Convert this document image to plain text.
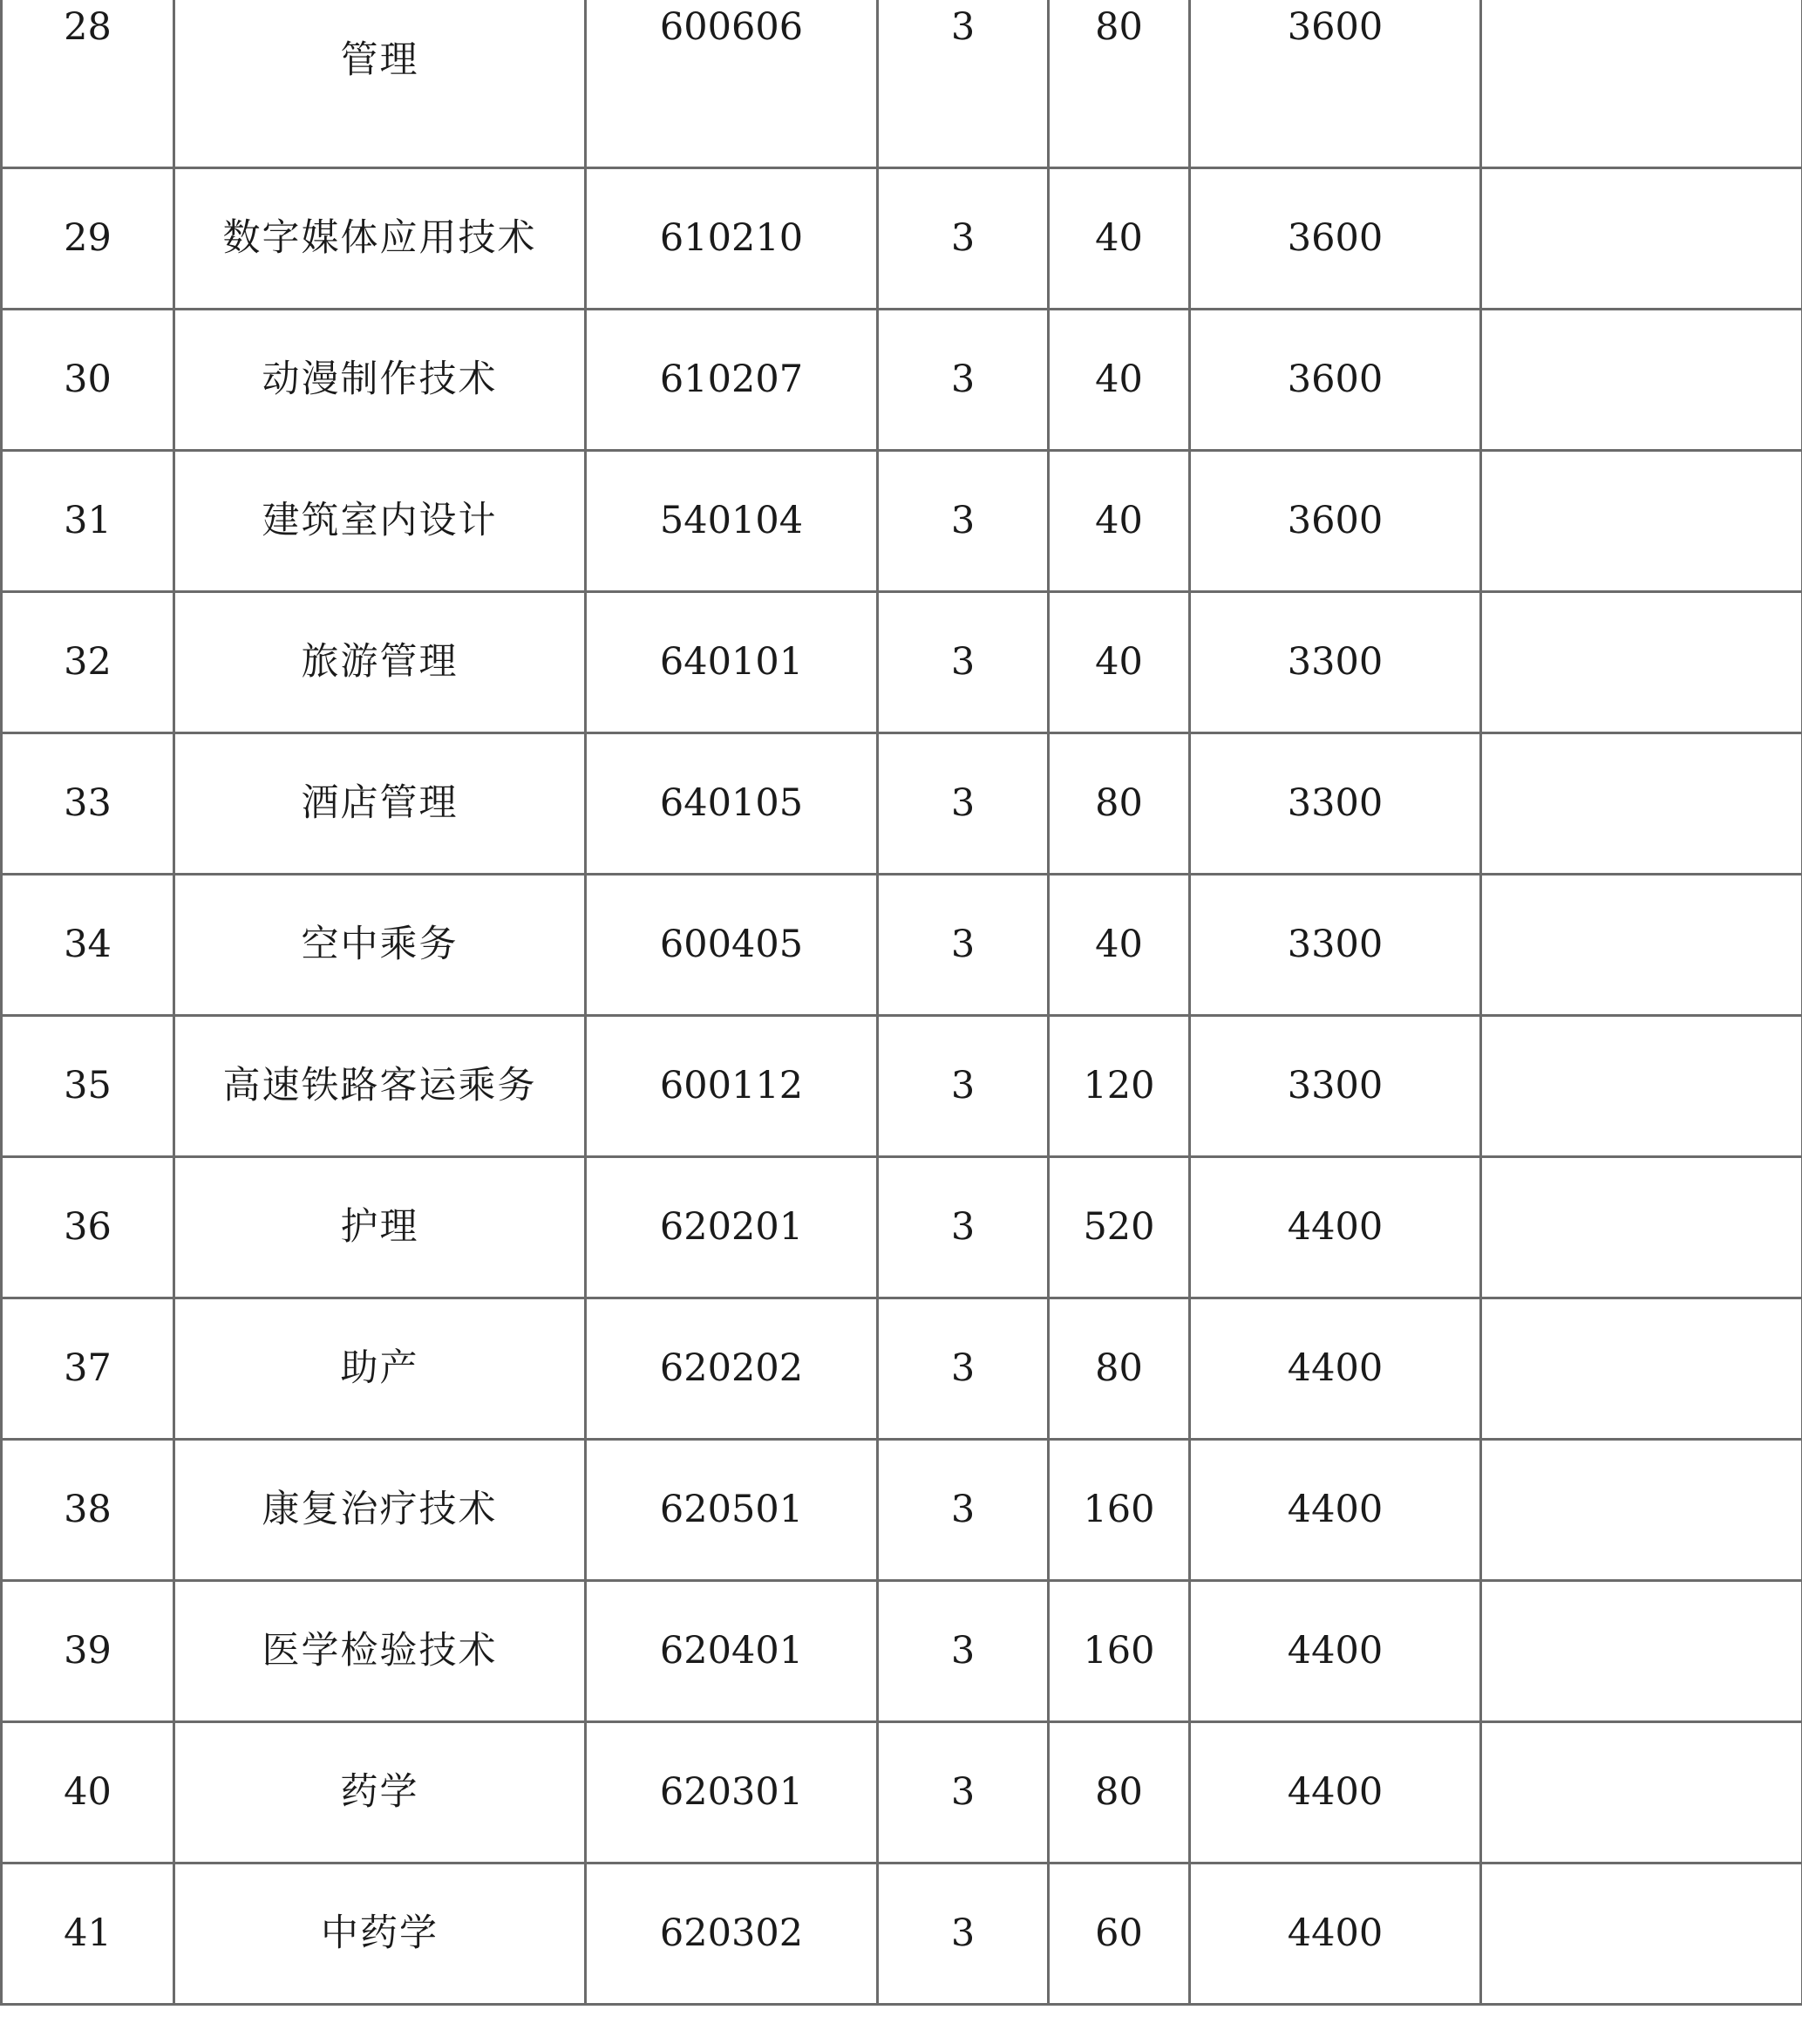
28	管理	600606	3	80	3600	
29	数字媒体应用技术	610210	3	40	3600	
30	动漫制作技术	610207	3	40	3600	
31	建筑室内设计	540104	3	40	3600	
32	旅游管理	640101	3	40	3300	
33	酒店管理	640105	3	80	3300	
34	空中乘务	600405	3	40	3300	
35	高速铁路客运乘务	600112	3	120	3300	
36	护理	620201	3	520	4400	
37	助产	620202	3	80	4400	
38	康复治疗技术	620501	3	160	4400	
39	医学检验技术	620401	3	160	4400	
40	药学	620301	3	80	4400	
41	中药学	620302	3	60	4400	
